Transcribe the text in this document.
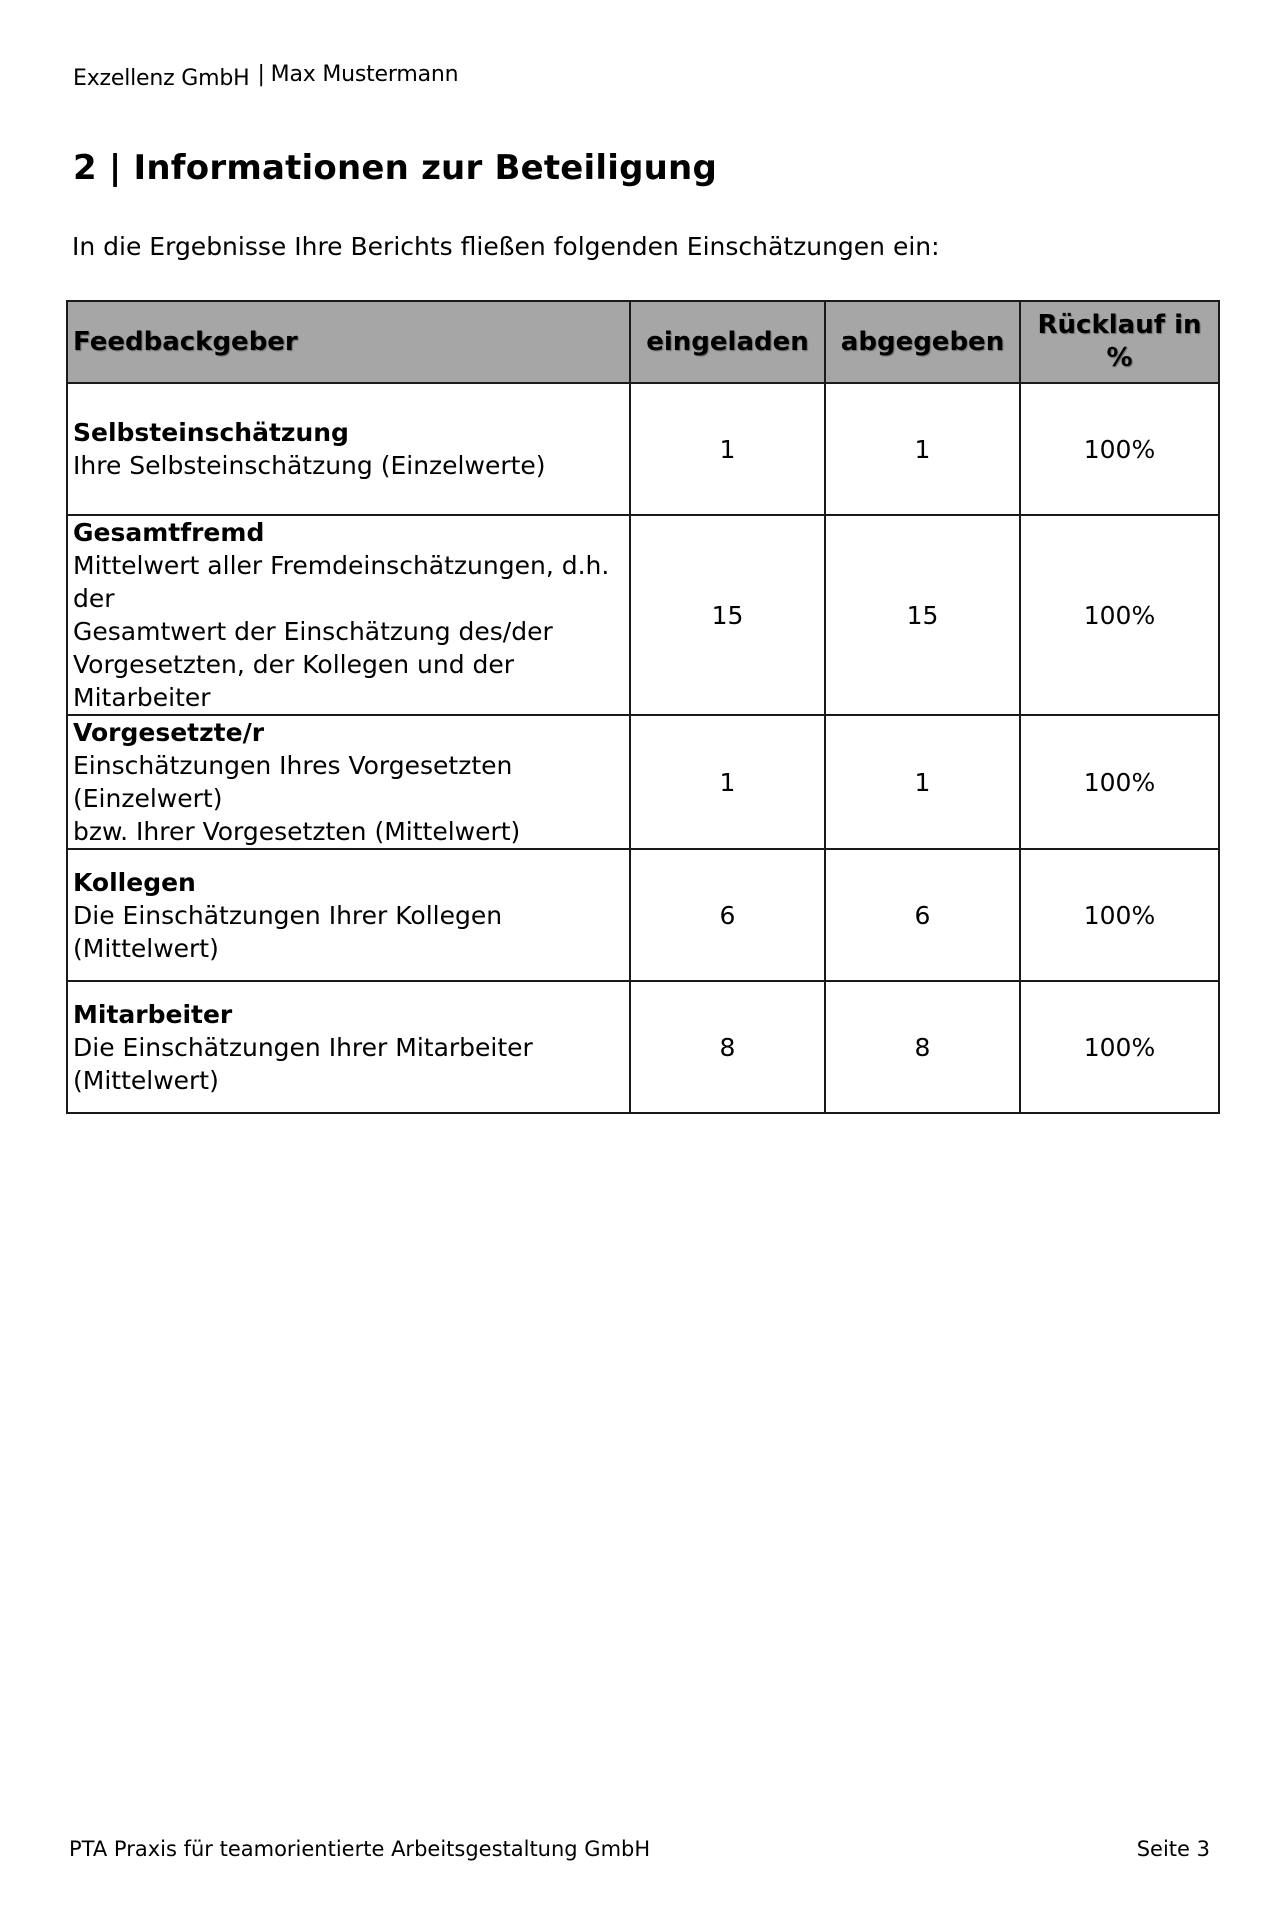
Exzellenz GmbH | Max Mustermann
2 | Informationen zur Beteiligung

In die Ergebnisse Ihre Berichts fließen folgenden Einschätzungen ein:

Feedbackgeber	eingeladen	abgegeben	Rücklauf in %

Selbsteinschätzung
Ihre Selbsteinschätzung (Einzelwerte)	1	1	100%

Gesamtfremd
Mittelwert aller Fremdeinschätzungen, d.h. der
Gesamtwert der Einschätzung des/der
Vorgesetzten, der Kollegen und der Mitarbeiter	15	15	100%

Vorgesetzte/r
Einschätzungen Ihres Vorgesetzten (Einzelwert)
bzw. Ihrer Vorgesetzten (Mittelwert)	1	1	100%

Kollegen
Die Einschätzungen Ihrer Kollegen (Mittelwert)	6	6	100%

Mitarbeiter
Die Einschätzungen Ihrer Mitarbeiter
(Mittelwert)	8	8	100%
PTA Praxis für teamorientierte Arbeitsgestaltung GmbH	Seite 3
